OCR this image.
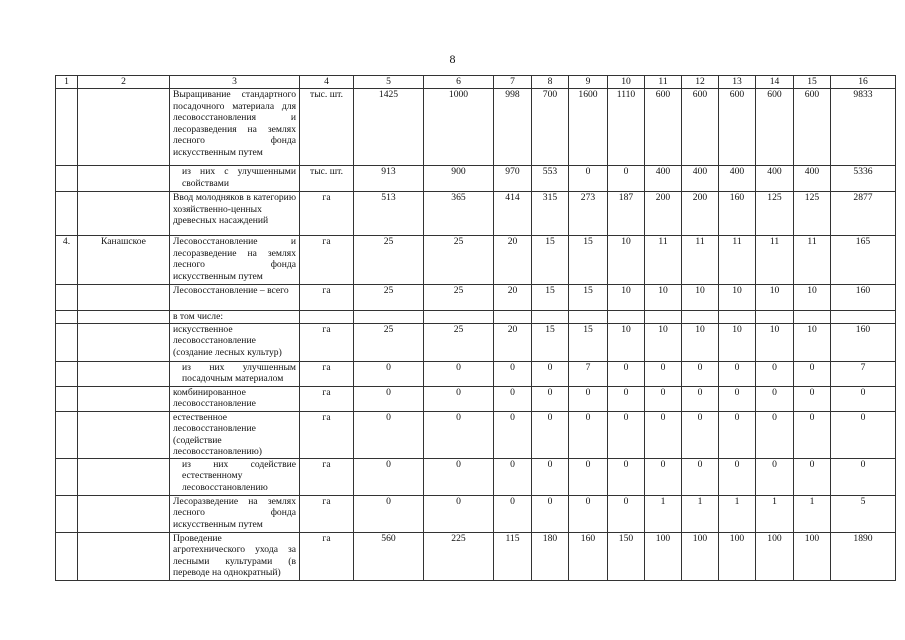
8
1	2	3	4	5	6	7	8	9	10	11	12	13	14	15	16
		Выращивание стандартного посадочного материала для лесовосстановления и лесоразведения на землях лесного фонда искусственным путем	тыс. шт.	1425	1000	998	700	1600	1110	600	600	600	600	600	9833
		из них с улучшенными свойствами	тыс. шт.	913	900	970	553	0	0	400	400	400	400	400	5336
		Ввод молодняков в категорию хозяйственно-ценных древесных насаждений	га	513	365	414	315	273	187	200	200	160	125	125	2877
4.	Канашское	Лесовосстановление и лесоразведение на землях лесного фонда искусственным путем	га	25	25	20	15	15	10	11	11	11	11	11	165
		Лесовосстановление – всего	га	25	25	20	15	15	10	10	10	10	10	10	160
		в том числе:													
		искусственное лесовосстановление (создание лесных культур)	га	25	25	20	15	15	10	10	10	10	10	10	160
		из них улучшенным посадочным материалом	га	0	0	0	0	7	0	0	0	0	0	0	7
		комбинированное лесовосстановление	га	0	0	0	0	0	0	0	0	0	0	0	0
		естественное лесовосстановление (содействие лесовосстановлению)	га	0	0	0	0	0	0	0	0	0	0	0	0
		из них содействие естественному лесовосстановлению	га	0	0	0	0	0	0	0	0	0	0	0	0
		Лесоразведение на землях лесного фонда искусственным путем	га	0	0	0	0	0	0	1	1	1	1	1	5
		Проведение агротехнического ухода за лесными культурами (в переводе на однократный)	га	560	225	115	180	160	150	100	100	100	100	100	1890
